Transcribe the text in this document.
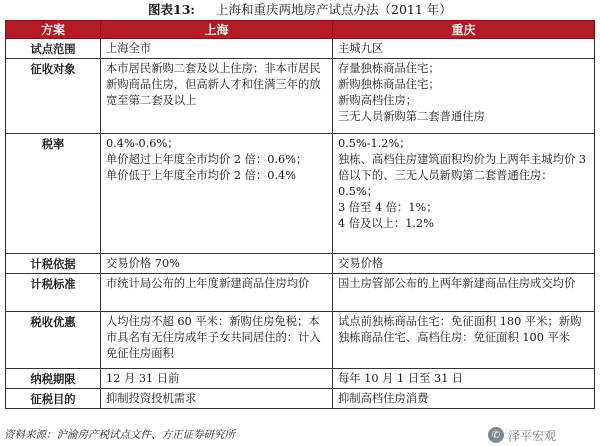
图表13: 上海和重庆两地房产试点办法（2011 年）
方案	上海	重庆
试点范围	上海全市	主城九区

征收对象	本市居民新购二套及以上住房；非本市居民新购商品住房，但高新人才和住满三年的放宽至第二套及以上	存量独栋商品住宅；
新购独栋商品住宅；
新购高档住房；
三无人员新购第二套普通住房

税率	0.4%-0.6%；
单价超过上年度全市均价 2 倍：0.6%；
单价低于上年度全市均价 2 倍：0.4%	0.5%-1.2%；
独栋、高档住房建筑面积均价为上两年主城均价 3 倍以下的、三无人员新购第二套普通住房：0.5%；
3 倍至 4 倍：1%；
4 倍及以上：1.2%

计税依据	交易价格 70%	交易价格

计税标准	市统计局公布的上年度新建商品住房均价	国土房管部公布的上两年新建商品住房成交均价

税收优惠	人均住房不超 60 平米：新购住房免税；本市具名有无住房成年子女共同居住的：计入免征住房面积	试点前独栋商品住宅：免征面积 180 平米；新购独栋商品住宅、高档住房：免征面积 100 平米

纳税期限	12 月 31 日前	每年 10 月 1 日至 31 日

征税目的	抑制投资投机需求	抑制高档住房消费
资料来源：沪渝房产税试点文件、方正证券研究所	✆ 泽平宏观
